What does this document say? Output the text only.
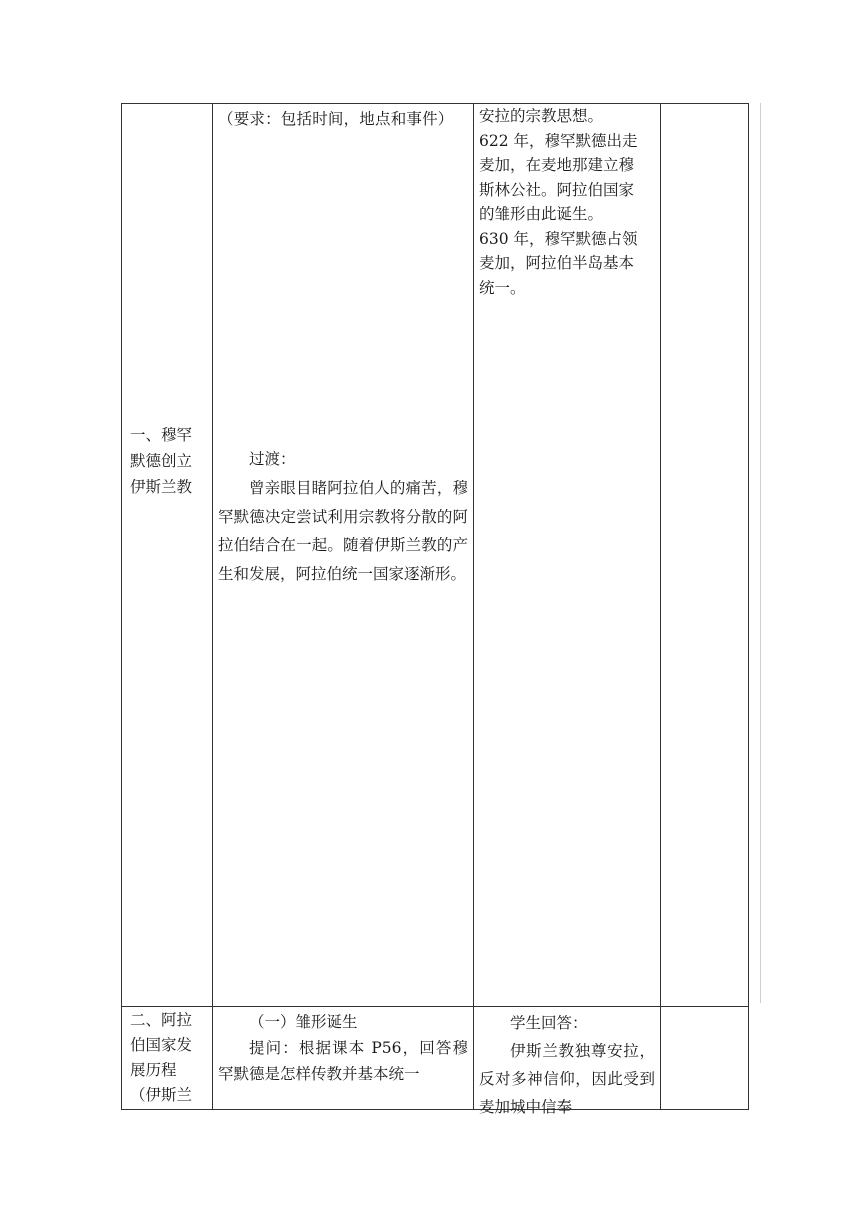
一、穆罕
默德创立
伊斯兰教
（要求：包括时间，地点和事件）
过渡：
曾亲眼目睹阿拉伯人的痛苦，穆罕默德决定尝试利用宗教将分散的阿拉伯结合在一起。随着伊斯兰教的产生和发展，阿拉伯统一国家逐渐形。
安拉的宗教思想。
622 年，穆罕默德出走
麦加，在麦地那建立穆
斯林公社。阿拉伯国家
的雏形由此诞生。
630 年，穆罕默德占领
麦加，阿拉伯半岛基本
统一。
二、阿拉
伯国家发
展历程
（伊斯兰
（一）雏形诞生
提问：根据课本 P56，回答穆罕默德是怎样传教并基本统一
学生回答：
伊斯兰教独尊安拉，反对多神信仰，因此受到麦加城中信奉
